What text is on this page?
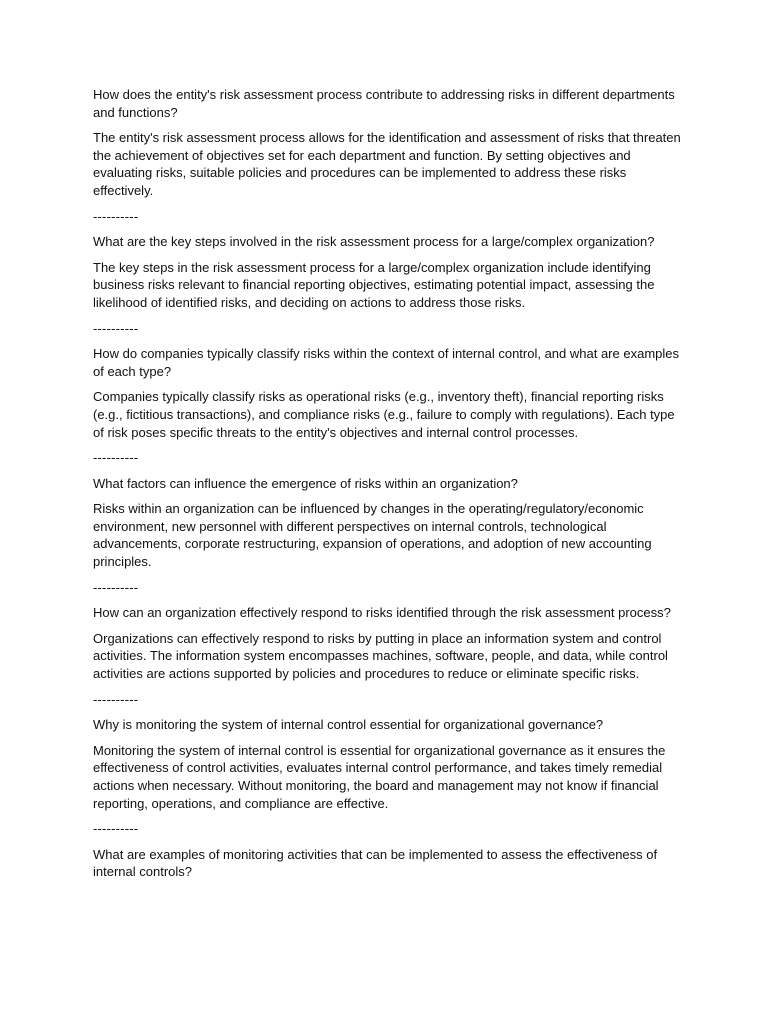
How does the entity's risk assessment process contribute to addressing risks in different departments and functions?

The entity's risk assessment process allows for the identification and assessment of risks that threaten the achievement of objectives set for each department and function. By setting objectives and evaluating risks, suitable policies and procedures can be implemented to address these risks effectively.

----------

What are the key steps involved in the risk assessment process for a large/complex organization?

The key steps in the risk assessment process for a large/complex organization include identifying business risks relevant to financial reporting objectives, estimating potential impact, assessing the likelihood of identified risks, and deciding on actions to address those risks.

----------

How do companies typically classify risks within the context of internal control, and what are examples of each type?

Companies typically classify risks as operational risks (e.g., inventory theft), financial reporting risks (e.g., fictitious transactions), and compliance risks (e.g., failure to comply with regulations). Each type of risk poses specific threats to the entity's objectives and internal control processes.

----------

What factors can influence the emergence of risks within an organization?

Risks within an organization can be influenced by changes in the operating/regulatory/economic environment, new personnel with different perspectives on internal controls, technological advancements, corporate restructuring, expansion of operations, and adoption of new accounting principles.

----------

How can an organization effectively respond to risks identified through the risk assessment process?

Organizations can effectively respond to risks by putting in place an information system and control activities. The information system encompasses machines, software, people, and data, while control activities are actions supported by policies and procedures to reduce or eliminate specific risks.

----------

Why is monitoring the system of internal control essential for organizational governance?

Monitoring the system of internal control is essential for organizational governance as it ensures the effectiveness of control activities, evaluates internal control performance, and takes timely remedial actions when necessary. Without monitoring, the board and management may not know if financial reporting, operations, and compliance are effective.

----------

What are examples of monitoring activities that can be implemented to assess the effectiveness of internal controls?
